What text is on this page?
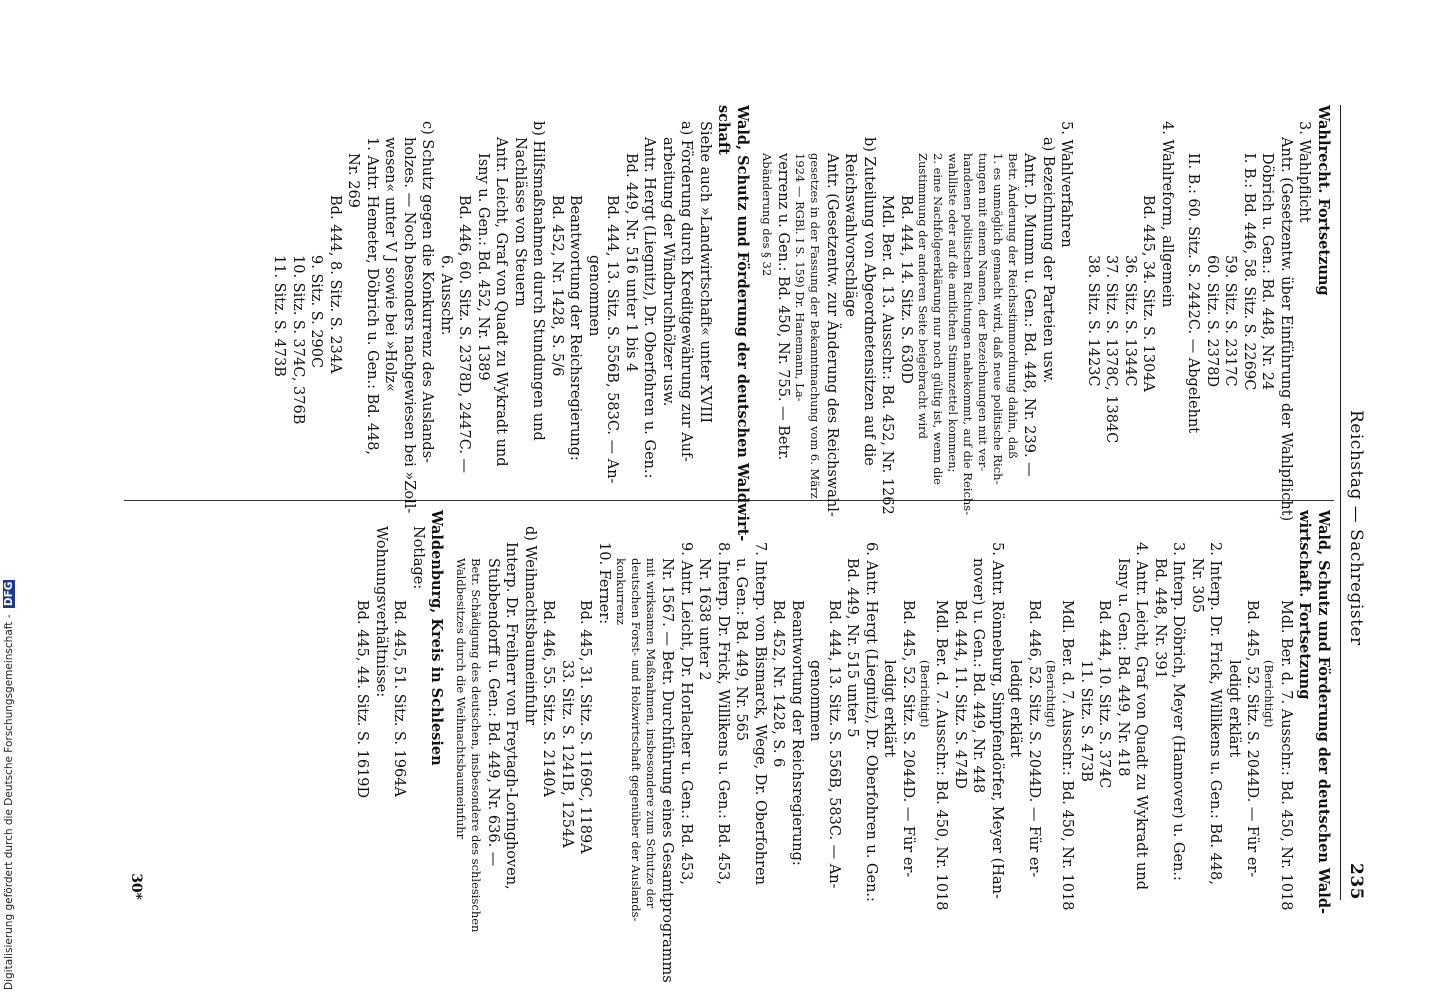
Reichstag — Sachregister
235
Wahlrecht. Fortsetzung
3. Wahlpflicht
Antr. (Gesetzentw. über Einführung der Wahlpflicht)
Döbrich u. Gen.: Bd. 448, Nr. 24
I. B.: Bd. 446, 58. Sitz. S. 2269C
59. Sitz. S. 2317C
60. Sitz. S. 2378D
II. B.: 60. Sitz. S. 2442C. — Abgelehnt
4. Wahlreform, allgemein
Bd. 445, 34. Sitz. S. 1304A
36. Sitz. S. 1344C
37. Sitz. S. 1378C, 1384C
38. Sitz. S. 1423C
5. Wahlverfahren
a) Bezeichnung der Parteien usw.
Antr. D. Mumm u. Gen.: Bd. 448, Nr. 239. —
Betr. Änderung der Reichsstimmordnung dahin, daß
1. es unmöglich gemacht wird, daß neue politische Rich-
tungen mit einem Namen, der Bezeichnungen mit ver-
handenen politischen Richtungen nahekommt, auf die Reichs-
wahlliste oder auf die amtlichen Stimmzettel kommen;
2. eine Nachfolgeerklärung nur noch gültig ist, wenn die
Zustimmung der anderen Seite beigebracht wird
Bd. 444, 14. Sitz. S. 630D
Mdl. Ber. d. 13. Ausschr.: Bd. 452, Nr. 1262
b) Zuteilung von Abgeordnetensitzen auf die
Reichswahlvorschläge
Antr. (Gesetzentw. zur Änderung des Reichswahl-
gesetzes in der Fassung der Bekanntmachung vom 6. März
1924 — RGBl. I S. 159) Dr. Hanemann, La-
verrenz u. Gen.: Bd. 450, Nr. 755. — Betr.
Abänderung des § 32
Wald, Schutz und Förderung der deutschen Waldwirt-
schaft
Siehe auch »Landwirtschaft« unter XVIII
a) Förderung durch Kreditgewährung zur Auf-
arbeitung der Windbruchhölzer usw.
Antr. Hergt (Liegnitz), Dr. Oberfohren u. Gen.:
Bd. 449, Nr. 516 unter 1 bis 4
Bd. 444, 13. Sitz. S. 556B, 583C. — An-
genommen
Beantwortung der Reichsregierung:
Bd. 452, Nr. 1428, S. 5/6
b) Hilfsmaßnahmen durch Stundungen und
Nachlässe von Steuern
Antr. Leicht, Graf von Quadt zu Wykradt und
Isny u. Gen.: Bd. 452, Nr. 1389
Bd. 446, 60. Sitz. S. 2378D, 2447C. —
6. Ausschr.
c) Schutz gegen die Konkurrenz des Auslands-
holzes. — Noch besonders nachgewiesen bei »Zoll-
wesen« unter V J sowie bei »Holz«
1. Antr. Hemeter, Döbrich u. Gen.: Bd. 448,
Nr. 269
Bd. 444, 8. Sitz. S. 234A
9. Sitz. S. 290C
10. Sitz. S. 374C, 376B
11. Sitz. S. 473B
Wald, Schutz und Förderung der deutschen Wald-
wirtschaft. Fortsetzung
Mdl. Ber. d. 7. Ausschr.: Bd. 450, Nr. 1018
(Berichtigt)
Bd. 445, 52. Sitz. S. 2044D. — Für er-
ledigt erklärt
2. Interp. Dr. Frick, Willikens u. Gen.: Bd. 448,
Nr. 305
3. Interp. Döbrich, Meyer (Hannover) u. Gen.:
Bd. 448, Nr. 391
4. Antr. Leicht, Graf von Quadt zu Wykradt und
Isny u. Gen.: Bd. 449, Nr. 418
Bd. 444, 10. Sitz. S. 374C
11. Sitz. S. 473B
Mdl. Ber. d. 7. Ausschr.: Bd. 450, Nr. 1018
(Berichtigt)
Bd. 446, 52. Sitz. S. 2044D. — Für er-
ledigt erklärt
5. Antr. Rönneburg, Simpfendörfer, Meyer (Han-
nover) u. Gen.: Bd. 449, Nr. 448
Bd. 444, 11. Sitz. S. 474D
Mdl. Ber. d. 7. Ausschr.: Bd. 450, Nr. 1018
(Berichtigt)
Bd. 445, 52. Sitz. S. 2044D. — Für er-
ledigt erklärt
6. Antr. Hergt (Liegnitz), Dr. Oberfohren u. Gen.:
Bd. 449, Nr. 515 unter 5
Bd. 444, 13. Sitz. S. 556B, 583C. — An-
genommen
Beantwortung der Reichsregierung:
Bd. 452, Nr. 1428, S. 6
7. Interp. von Bismarck, Wege, Dr. Oberfohren
u. Gen.: Bd. 449, Nr. 565
8. Interp. Dr. Frick, Willikens u. Gen.: Bd. 453,
Nr. 1638 unter 2
9. Antr. Leicht, Dr. Horlacher u. Gen.: Bd. 453,
Nr. 1567. — Betr. Durchführung eines Gesamtprogramms
mit wirksamen Maßnahmen, insbesondere zum Schutze der
deutschen Forst- und Holzwirtschaft gegenüber der Auslands-
konkurrenz
10. Ferner:
Bd. 445, 31. Sitz. S. 1169C, 1189A
33. Sitz. S. 1241B, 1254A
Bd. 446, 55. Sitz. S. 2140A
d) Weihnachtsbaumeinfuhr
Interp. Dr. Freiherr von Freytagh-Loringhoven,
Stubbendorff u. Gen.: Bd. 449, Nr. 636. —
Betr. Schädigung des deutschen, insbesondere des schlesischen
Waldbesitzes durch die Weihnachtsbaumeinfuhr
Waldenburg, Kreis in Schlesien
Notlage:
Bd. 445, 51. Sitz. S. 1964A
Wohnungsverhältnisse:
Bd. 445, 44. Sitz. S. 1619D
30*
Digitalisierung gefördert durch die Deutsche Forschungsgemeinschaft - DFG
